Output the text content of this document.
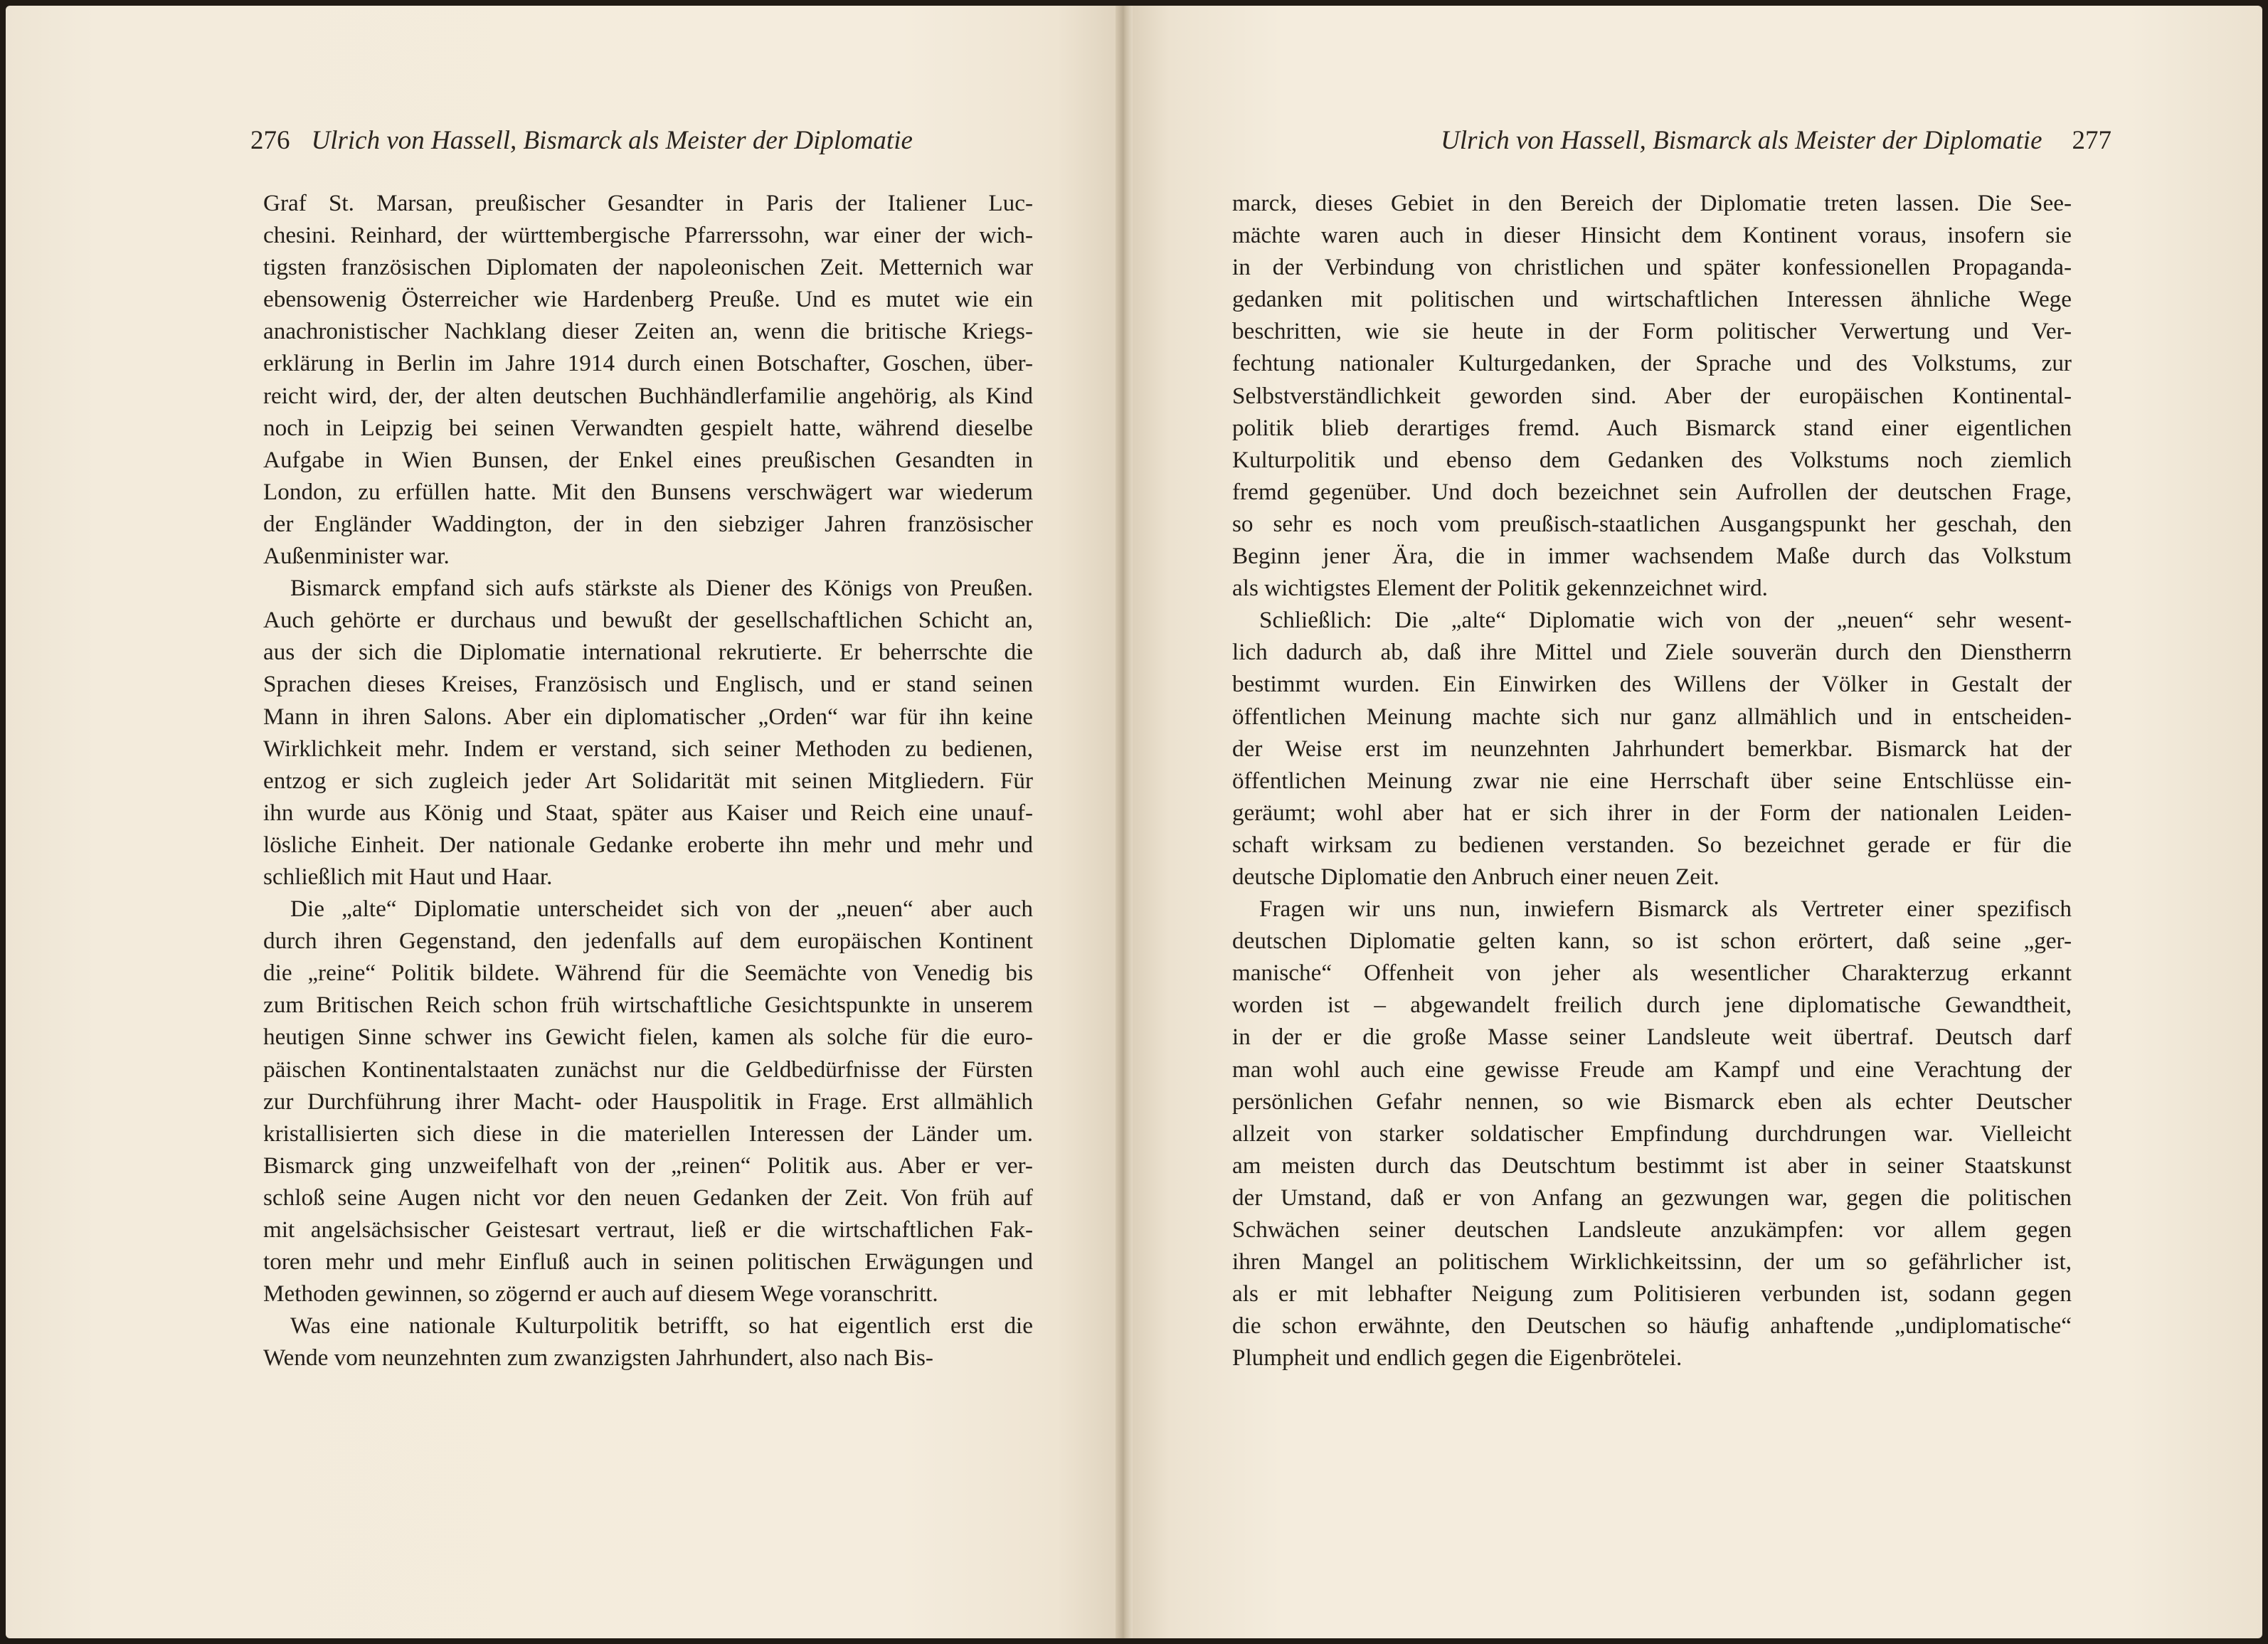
276 Ulrich von Hassell, Bismarck als Meister der Diplomatie
Graf St. Marsan, preußischer Gesandter in Paris der Italiener Luc-
chesini. Reinhard, der württembergische Pfarrerssohn, war einer der wich-
tigsten französischen Diplomaten der napoleonischen Zeit. Metternich war
ebensowenig Österreicher wie Hardenberg Preuße. Und es mutet wie ein
anachronistischer Nachklang dieser Zeiten an, wenn die britische Kriegs-
erklärung in Berlin im Jahre 1914 durch einen Botschafter, Goschen, über-
reicht wird, der, der alten deutschen Buchhändlerfamilie angehörig, als Kind
noch in Leipzig bei seinen Verwandten gespielt hatte, während dieselbe
Aufgabe in Wien Bunsen, der Enkel eines preußischen Gesandten in
London, zu erfüllen hatte. Mit den Bunsens verschwägert war wiederum
der Engländer Waddington, der in den siebziger Jahren französischer
Außenminister war.
Bismarck empfand sich aufs stärkste als Diener des Königs von Preußen.
Auch gehörte er durchaus und bewußt der gesellschaftlichen Schicht an,
aus der sich die Diplomatie international rekrutierte. Er beherrschte die
Sprachen dieses Kreises, Französisch und Englisch, und er stand seinen
Mann in ihren Salons. Aber ein diplomatischer „Orden“ war für ihn keine
Wirklichkeit mehr. Indem er verstand, sich seiner Methoden zu bedienen,
entzog er sich zugleich jeder Art Solidarität mit seinen Mitgliedern. Für
ihn wurde aus König und Staat, später aus Kaiser und Reich eine unauf-
lösliche Einheit. Der nationale Gedanke eroberte ihn mehr und mehr und
schließlich mit Haut und Haar.
Die „alte“ Diplomatie unterscheidet sich von der „neuen“ aber auch
durch ihren Gegenstand, den jedenfalls auf dem europäischen Kontinent
die „reine“ Politik bildete. Während für die Seemächte von Venedig bis
zum Britischen Reich schon früh wirtschaftliche Gesichtspunkte in unserem
heutigen Sinne schwer ins Gewicht fielen, kamen als solche für die euro-
päischen Kontinentalstaaten zunächst nur die Geldbedürfnisse der Fürsten
zur Durchführung ihrer Macht- oder Hauspolitik in Frage. Erst allmählich
kristallisierten sich diese in die materiellen Interessen der Länder um.
Bismarck ging unzweifelhaft von der „reinen“ Politik aus. Aber er ver-
schloß seine Augen nicht vor den neuen Gedanken der Zeit. Von früh auf
mit angelsächsischer Geistesart vertraut, ließ er die wirtschaftlichen Fak-
toren mehr und mehr Einfluß auch in seinen politischen Erwägungen und
Methoden gewinnen, so zögernd er auch auf diesem Wege voranschritt.
Was eine nationale Kulturpolitik betrifft, so hat eigentlich erst die
Wende vom neunzehnten zum zwanzigsten Jahrhundert, also nach Bis-
Ulrich von Hassell, Bismarck als Meister der Diplomatie 277
marck, dieses Gebiet in den Bereich der Diplomatie treten lassen. Die See-
mächte waren auch in dieser Hinsicht dem Kontinent voraus, insofern sie
in der Verbindung von christlichen und später konfessionellen Propaganda-
gedanken mit politischen und wirtschaftlichen Interessen ähnliche Wege
beschritten, wie sie heute in der Form politischer Verwertung und Ver-
fechtung nationaler Kulturgedanken, der Sprache und des Volkstums, zur
Selbstverständlichkeit geworden sind. Aber der europäischen Kontinental-
politik blieb derartiges fremd. Auch Bismarck stand einer eigentlichen
Kulturpolitik und ebenso dem Gedanken des Volkstums noch ziemlich
fremd gegenüber. Und doch bezeichnet sein Aufrollen der deutschen Frage,
so sehr es noch vom preußisch-staatlichen Ausgangspunkt her geschah, den
Beginn jener Ära, die in immer wachsendem Maße durch das Volkstum
als wichtigstes Element der Politik gekennzeichnet wird.
Schließlich: Die „alte“ Diplomatie wich von der „neuen“ sehr wesent-
lich dadurch ab, daß ihre Mittel und Ziele souverän durch den Dienstherrn
bestimmt wurden. Ein Einwirken des Willens der Völker in Gestalt der
öffentlichen Meinung machte sich nur ganz allmählich und in entscheiden-
der Weise erst im neunzehnten Jahrhundert bemerkbar. Bismarck hat der
öffentlichen Meinung zwar nie eine Herrschaft über seine Entschlüsse ein-
geräumt; wohl aber hat er sich ihrer in der Form der nationalen Leiden-
schaft wirksam zu bedienen verstanden. So bezeichnet gerade er für die
deutsche Diplomatie den Anbruch einer neuen Zeit.
Fragen wir uns nun, inwiefern Bismarck als Vertreter einer spezifisch
deutschen Diplomatie gelten kann, so ist schon erörtert, daß seine „ger-
manische“ Offenheit von jeher als wesentlicher Charakterzug erkannt
worden ist – abgewandelt freilich durch jene diplomatische Gewandtheit,
in der er die große Masse seiner Landsleute weit übertraf. Deutsch darf
man wohl auch eine gewisse Freude am Kampf und eine Verachtung der
persönlichen Gefahr nennen, so wie Bismarck eben als echter Deutscher
allzeit von starker soldatischer Empfindung durchdrungen war. Vielleicht
am meisten durch das Deutschtum bestimmt ist aber in seiner Staatskunst
der Umstand, daß er von Anfang an gezwungen war, gegen die politischen
Schwächen seiner deutschen Landsleute anzukämpfen: vor allem gegen
ihren Mangel an politischem Wirklichkeitssinn, der um so gefährlicher ist,
als er mit lebhafter Neigung zum Politisieren verbunden ist, sodann gegen
die schon erwähnte, den Deutschen so häufig anhaftende „undiplomatische“
Plumpheit und endlich gegen die Eigenbrötelei.
